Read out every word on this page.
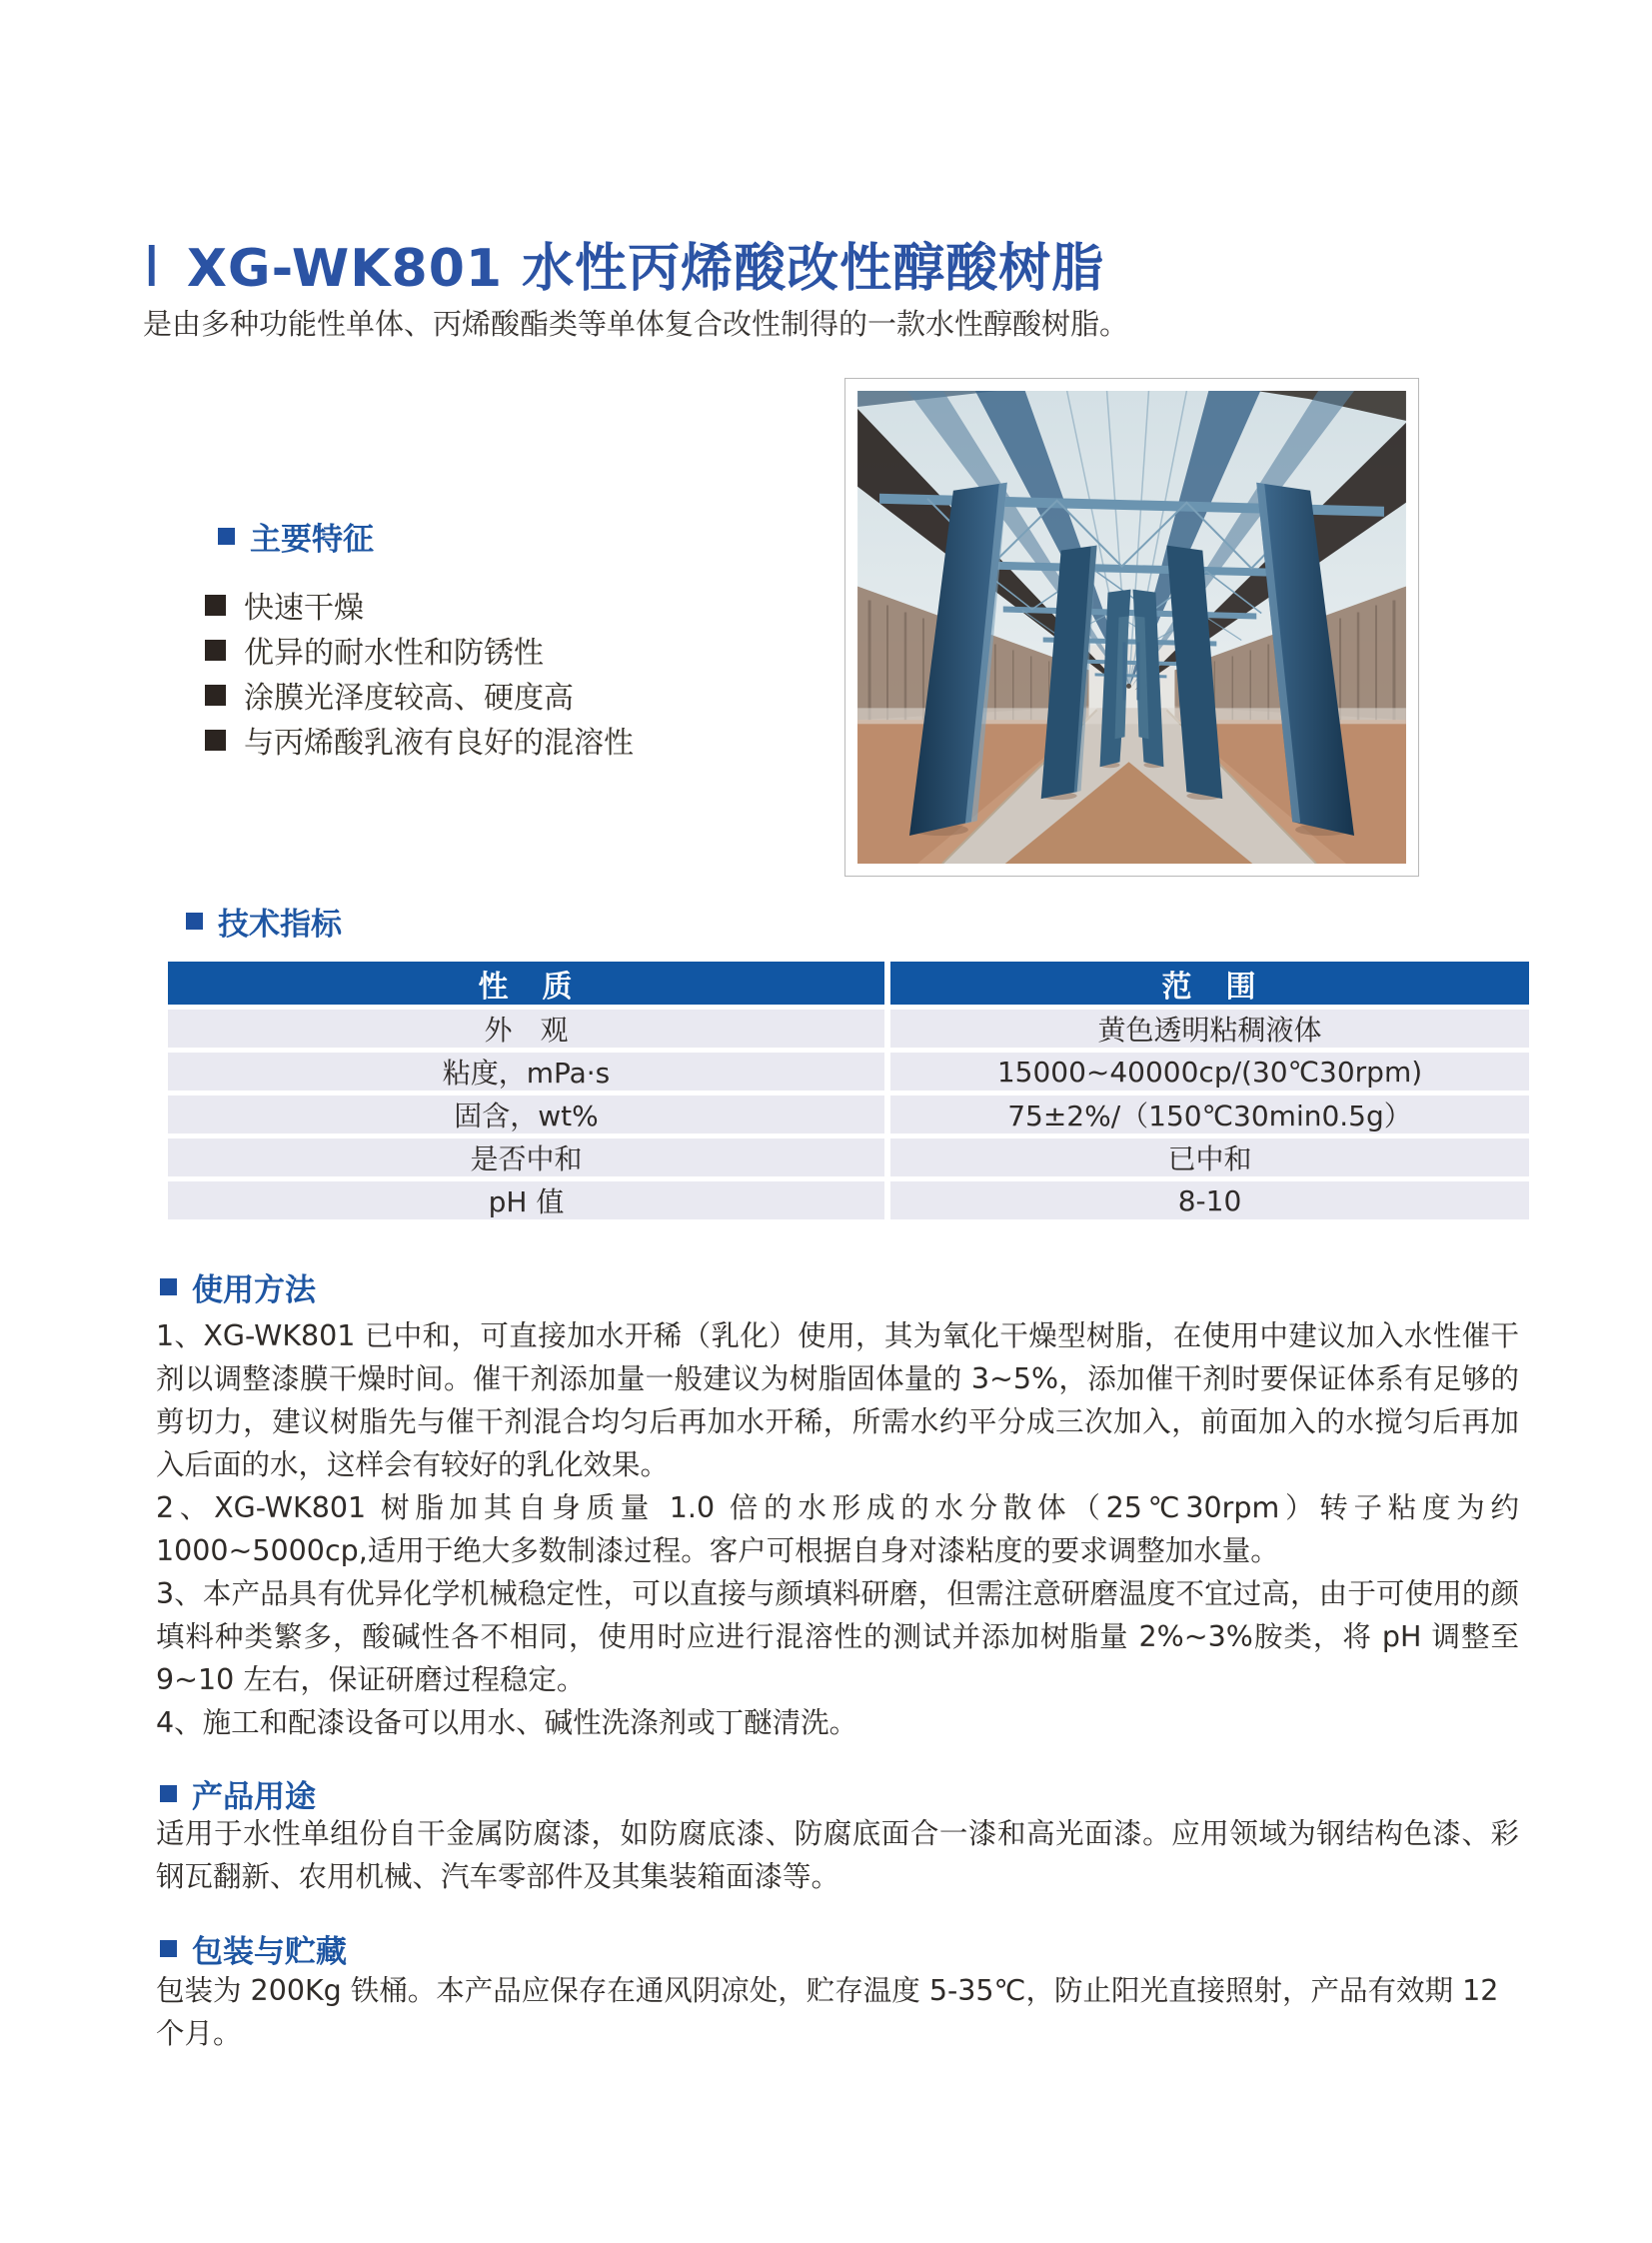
Ⅰ XG-WK801 水性丙烯酸改性醇酸树脂
是由多种功能性单体、丙烯酸酯类等单体复合改性制得的一款水性醇酸树脂。
主要特征
快速干燥
优异的耐水性和防锈性
涂膜光泽度较高、硬度高
与丙烯酸乳液有良好的混溶性
技术指标
性　质	范　围
外　观	黄色透明粘稠液体
粘度，mPa·s	15000~40000cp/(30℃30rpm)
固含，wt%	75±2%/（150℃30min0.5g）
是否中和	已中和
pH 值	8-10
使用方法

1、XG-WK801 已中和，可直接加水开稀（乳化）使用，其为氧化干燥型树脂，在使用中建议加入水性催干剂以调整漆膜干燥时间。催干剂添加量一般建议为树脂固体量的 3~5%，添加催干剂时要保证体系有足够的剪切力，建议树脂先与催干剂混合均匀后再加水开稀，所需水约平分成三次加入，前面加入的水搅匀后再加入后面的水，这样会有较好的乳化效果。

2、XG-WK801 树脂加其自身质量 1.0 倍的水形成的水分散体（25℃30rpm）转子粘度为约 1000~5000cp,适用于绝大多数制漆过程。客户可根据自身对漆粘度的要求调整加水量。

3、本产品具有优异化学机械稳定性，可以直接与颜填料研磨，但需注意研磨温度不宜过高，由于可使用的颜填料种类繁多，酸碱性各不相同，使用时应进行混溶性的测试并添加树脂量 2%~3%胺类，将 pH 调整至 9~10 左右，保证研磨过程稳定。

4、施工和配漆设备可以用水、碱性洗涤剂或丁醚清洗。

产品用途

适用于水性单组份自干金属防腐漆，如防腐底漆、防腐底面合一漆和高光面漆。应用领域为钢结构色漆、彩钢瓦翻新、农用机械、汽车零部件及其集装箱面漆等。

包装与贮藏

包装为 200Kg 铁桶。本产品应保存在通风阴凉处，贮存温度 5-35℃，防止阳光直接照射，产品有效期 12 个月。
